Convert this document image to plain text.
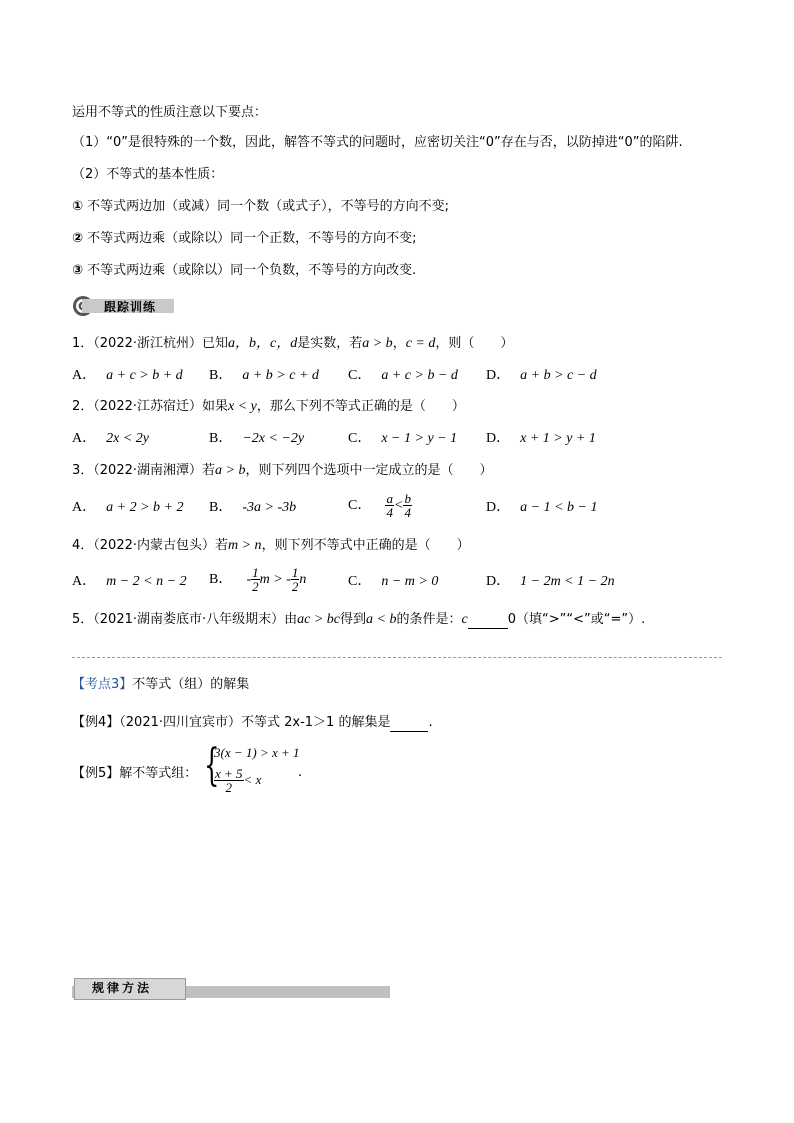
运用不等式的性质注意以下要点：
（1）“0”是很特殊的一个数，因此，解答不等式的问题时，应密切关注“0”存在与否，以防掉进“0”的陷阱.
（2）不等式的基本性质：
① 不等式两边加（或减）同一个数（或式子），不等号的方向不变;
② 不等式两边乘（或除以）同一个正数，不等号的方向不变;
③ 不等式两边乘（或除以）同一个负数，不等号的方向改变.
跟踪训练
1．（2022·浙江杭州）已知a，b，c，d是实数，若a > b，c = d，则（　　）
A． a + c > b + d B． a + b > c + d C． a + c > b − d D． a + b > c − d
2．（2022·江苏宿迁）如果x < y，那么下列不等式正确的是（　　）
A． 2x < 2y	B． −2x < −2y	C． x − 1 > y − 1 D． x + 1 > y + 1
3．（2022·湖南湘潭）若a > b，则下列四个选项中一定成立的是（　　）
A． a + 2 > b + 2 B． -3a > -3b	C． $\frac{a}{4} < \frac{b}{4}$	D． a − 1 < b − 1
4．（2022·内蒙古包头）若m > n，则下列不等式中正确的是（　　）
A． m − 2 < n − 2 B． - $\frac{1}{2}$ m > - $\frac{1}{2}$ n	C． n − m > 0	D． 1 − 2m < 1 − 2n
5．（2021·湖南娄底市·八年级期末）由ac > bc得到a < b的条件是：c	0（填“>”“<”或“=”）.
【考点3】不等式（组）的解集
【例4】（2021·四川宜宾市）不等式 2x-1＞1 的解集是	.
【例5】解不等式组： {
3(x − 1) > x + 1
$\frac{x + 5}{2} < x$	.
规律方法
